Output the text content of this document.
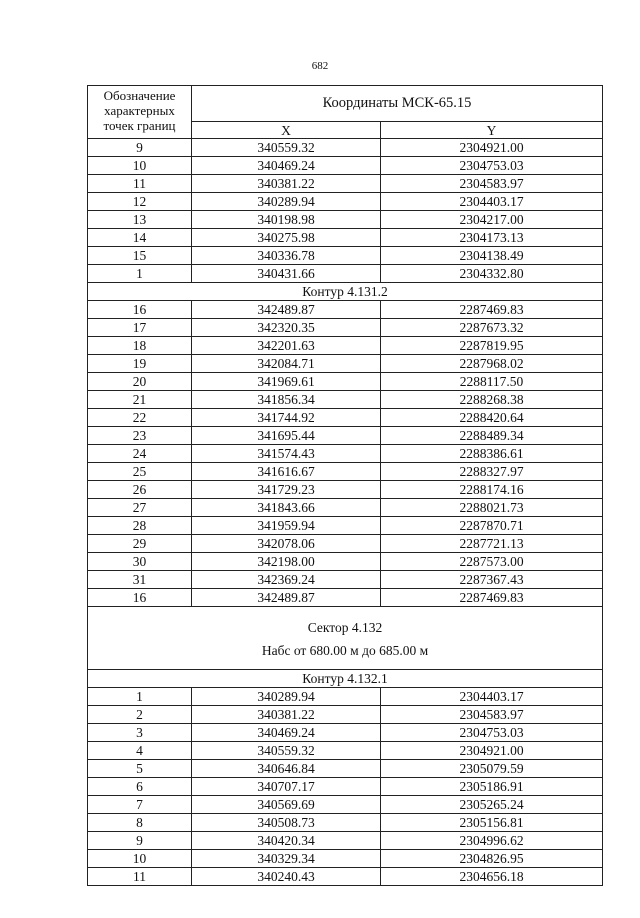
682
Обозначение характерных точек границ	Координаты МСК-65.15	
	X	Y
9	340559.32	2304921.00
10	340469.24	2304753.03
11	340381.22	2304583.97
12	340289.94	2304403.17
13	340198.98	2304217.00
14	340275.98	2304173.13
15	340336.78	2304138.49
1	340431.66	2304332.80
Контур 4.131.2		
16	342489.87	2287469.83
17	342320.35	2287673.32
18	342201.63	2287819.95
19	342084.71	2287968.02
20	341969.61	2288117.50
21	341856.34	2288268.38
22	341744.92	2288420.64
23	341695.44	2288489.34
24	341574.43	2288386.61
25	341616.67	2288327.97
26	341729.23	2288174.16
27	341843.66	2288021.73
28	341959.94	2287870.71
29	342078.06	2287721.13
30	342198.00	2287573.00
31	342369.24	2287367.43
16	342489.87	2287469.83
Сектор 4.132		
Набс от 680.00 м до 685.00 м		
Контур 4.132.1		
1	340289.94	2304403.17
2	340381.22	2304583.97
3	340469.24	2304753.03
4	340559.32	2304921.00
5	340646.84	2305079.59
6	340707.17	2305186.91
7	340569.69	2305265.24
8	340508.73	2305156.81
9	340420.34	2304996.62
10	340329.34	2304826.95
11	340240.43	2304656.18
